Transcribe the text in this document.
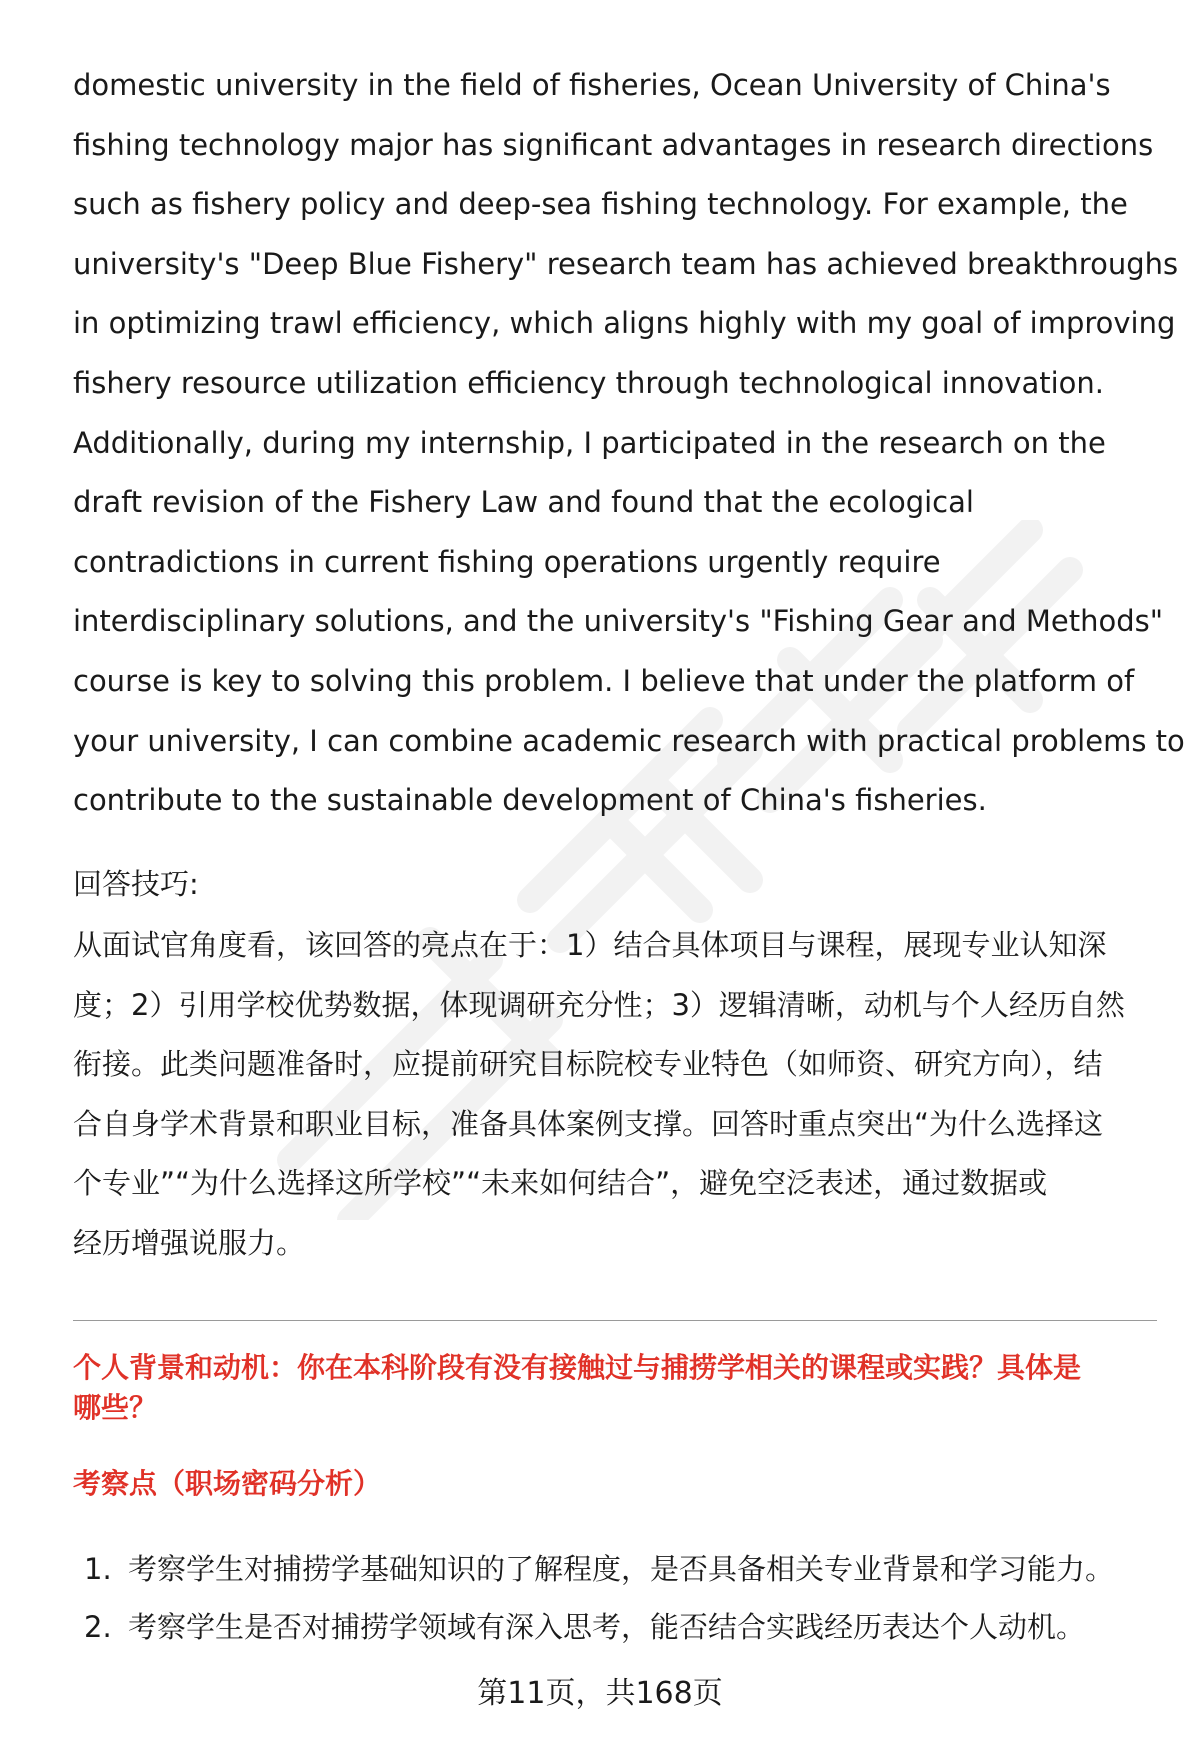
domestic university in the field of fisheries, Ocean University of China's
fishing technology major has significant advantages in research directions
such as fishery policy and deep-sea fishing technology. For example, the
university's "Deep Blue Fishery" research team has achieved breakthroughs
in optimizing trawl efficiency, which aligns highly with my goal of improving
fishery resource utilization efficiency through technological innovation.
Additionally, during my internship, I participated in the research on the
draft revision of the Fishery Law and found that the ecological
contradictions in current fishing operations urgently require
interdisciplinary solutions, and the university's "Fishing Gear and Methods"
course is key to solving this problem. I believe that under the platform of
your university, I can combine academic research with practical problems to
contribute to the sustainable development of China's fisheries.

回答技巧:

从面试官角度看，该回答的亮点在于：1）结合具体项目与课程，展现专业认知深
度；2）引用学校优势数据，体现调研充分性；3）逻辑清晰，动机与个人经历自然
衔接。此类问题准备时，应提前研究目标院校专业特色（如师资、研究方向），结
合自身学术背景和职业目标，准备具体案例支撑。回答时重点突出“为什么选择这
个专业”“为什么选择这所学校”“未来如何结合”，避免空泛表述，通过数据或
经历增强说服力。

个人背景和动机：你在本科阶段有没有接触过与捕捞学相关的课程或实践？具体是
哪些？

考察点（职场密码分析）

1. 考察学生对捕捞学基础知识的了解程度，是否具备相关专业背景和学习能力。
2. 考察学生是否对捕捞学领域有深入思考，能否结合实践经历表达个人动机。

第11页，共168页
